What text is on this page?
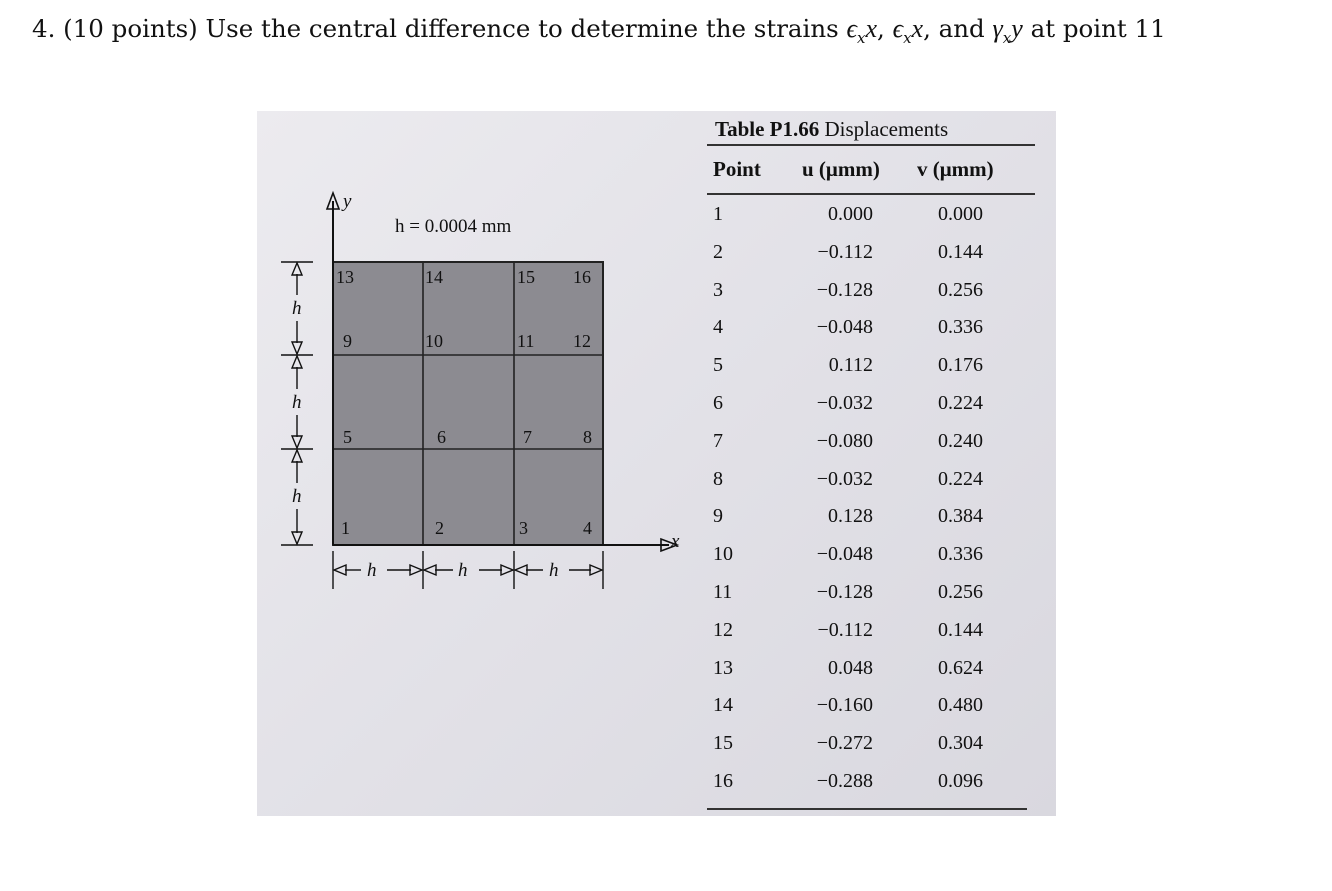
4. (10 points) Use the central difference to determine the strains $\epsilon_xx$, $\epsilon_xx$, and $\gamma_xy$ at point 11
y
x
h = 0.0004 mm
13	14	15 16
9	10	11 12
5	6	7	8
1	2	3	4
h
h
h
h	h	h
Table P1.66 Displacements
Point u (μmm) v (μmm)
1	0.000	0.000
2	−0.112	0.144
3	−0.128	0.256
4	−0.048	0.336
5	0.112	0.176
6	−0.032	0.224
7	−0.080	0.240
8	−0.032	0.224
9	0.128	0.384
10	−0.048	0.336
11	−0.128	0.256
12	−0.112	0.144
13	0.048	0.624
14	−0.160	0.480
15	−0.272	0.304
16	−0.288	0.096
